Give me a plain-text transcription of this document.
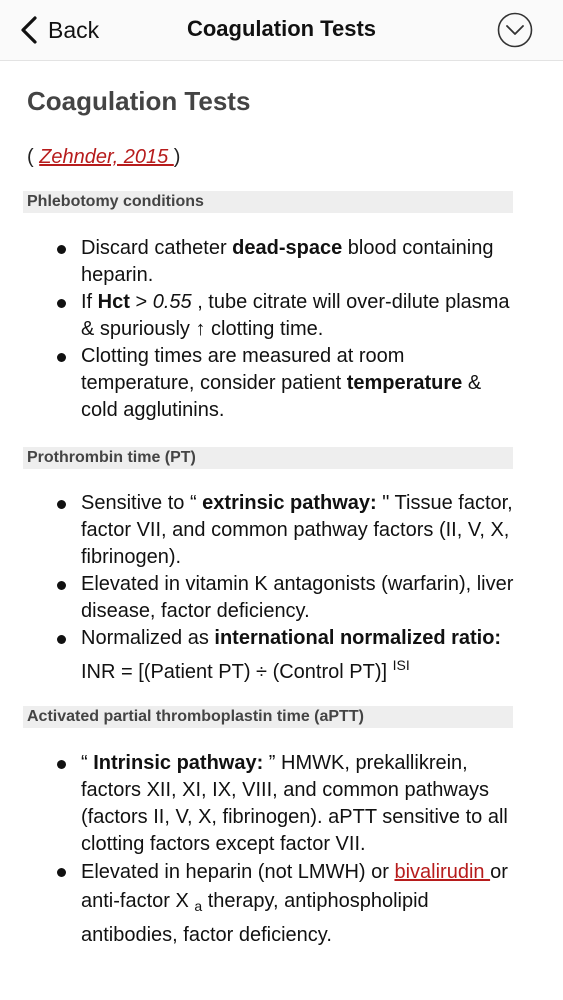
Back	Coagulation Tests
Coagulation Tests
( Zehnder, 2015 )
Phlebotomy conditions
Discard catheter dead-space blood containing heparin.
If Hct > 0.55 , tube citrate will over-dilute plasma & spuriously ↑ clotting time.
Clotting times are measured at room temperature, consider patient temperature & cold agglutinins.
Prothrombin time (PT)
Sensitive to “ extrinsic pathway: " Tissue factor, factor VII, and common pathway factors (II, V, X, fibrinogen).
Elevated in vitamin K antagonists (warfarin), liver disease, factor deficiency.
Normalized as international normalized ratio: INR = [(Patient PT) ÷ (Control PT)] $^{ISI}$
Activated partial thromboplastin time (aPTT)
“ Intrinsic pathway: ” HMWK, prekallikrein, factors XII, XI, IX, VIII, and common pathways (factors II, V, X, fibrinogen). aPTT sensitive to all clotting factors except factor VII.
Elevated in heparin (not LMWH) or bivalirudin or anti-factor X $_a$ therapy, antiphospholipid antibodies, factor deficiency.
